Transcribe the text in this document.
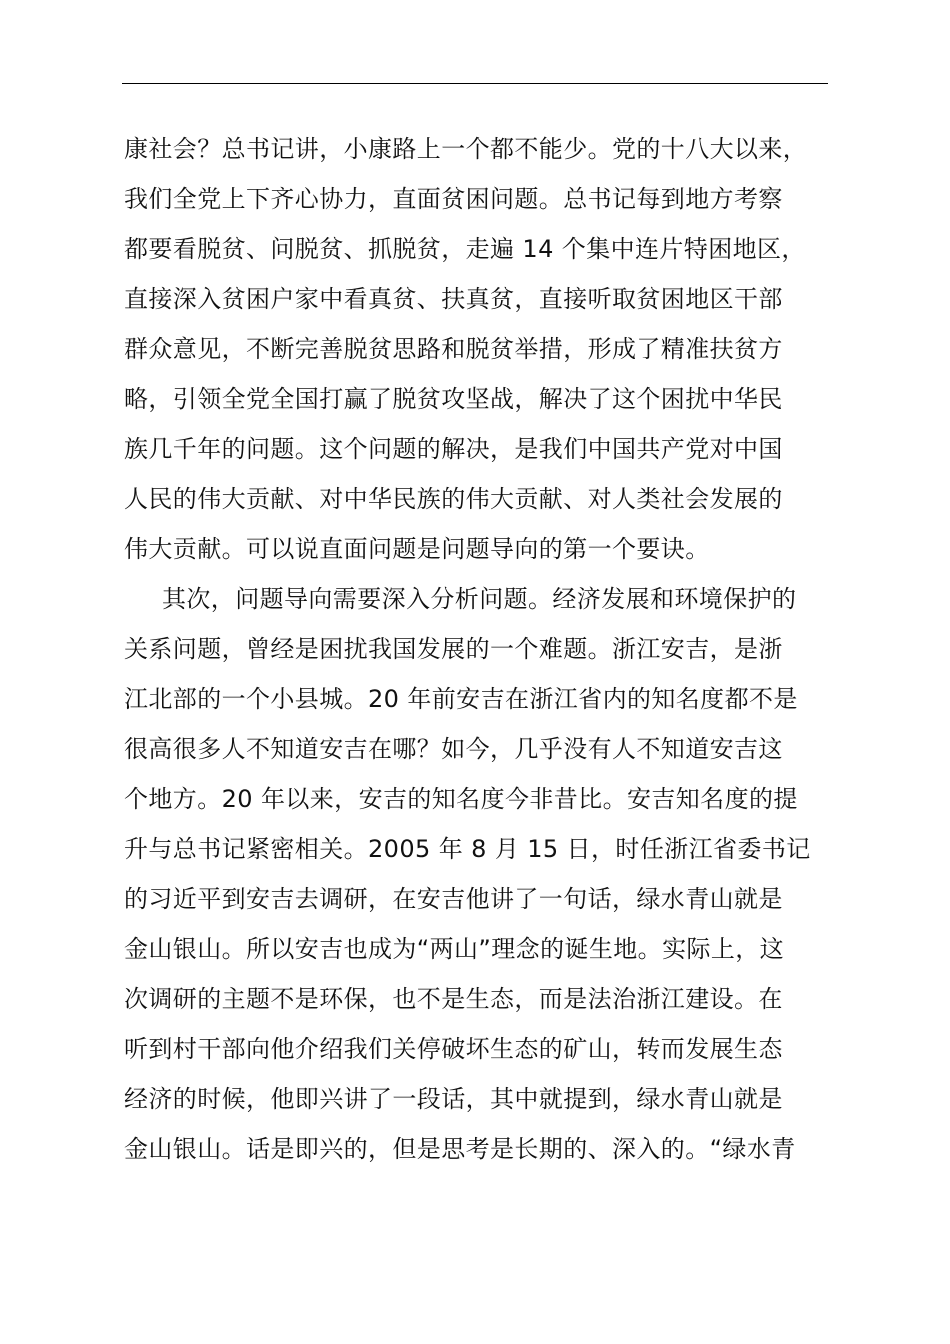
康社会？总书记讲，小康路上一个都不能少。党的十八大以来，
我们全党上下齐心协力，直面贫困问题。总书记每到地方考察
都要看脱贫、问脱贫、抓脱贫，走遍 14 个集中连片特困地区，
直接深入贫困户家中看真贫、扶真贫，直接听取贫困地区干部
群众意见，不断完善脱贫思路和脱贫举措，形成了精准扶贫方
略，引领全党全国打赢了脱贫攻坚战，解决了这个困扰中华民
族几千年的问题。这个问题的解决，是我们中国共产党对中国
人民的伟大贡献、对中华民族的伟大贡献、对人类社会发展的
伟大贡献。可以说直面问题是问题导向的第一个要诀。
其次，问题导向需要深入分析问题。经济发展和环境保护的
关系问题，曾经是困扰我国发展的一个难题。浙江安吉，是浙
江北部的一个小县城。20 年前安吉在浙江省内的知名度都不是
很高很多人不知道安吉在哪？如今，几乎没有人不知道安吉这
个地方。20 年以来，安吉的知名度今非昔比。安吉知名度的提
升与总书记紧密相关。2005 年 8 月 15 日，时任浙江省委书记
的习近平到安吉去调研，在安吉他讲了一句话，绿水青山就是
金山银山。所以安吉也成为“两山”理念的诞生地。实际上，这
次调研的主题不是环保，也不是生态，而是法治浙江建设。在
听到村干部向他介绍我们关停破坏生态的矿山，转而发展生态
经济的时候，他即兴讲了一段话，其中就提到，绿水青山就是
金山银山。话是即兴的，但是思考是长期的、深入的。“绿水青
